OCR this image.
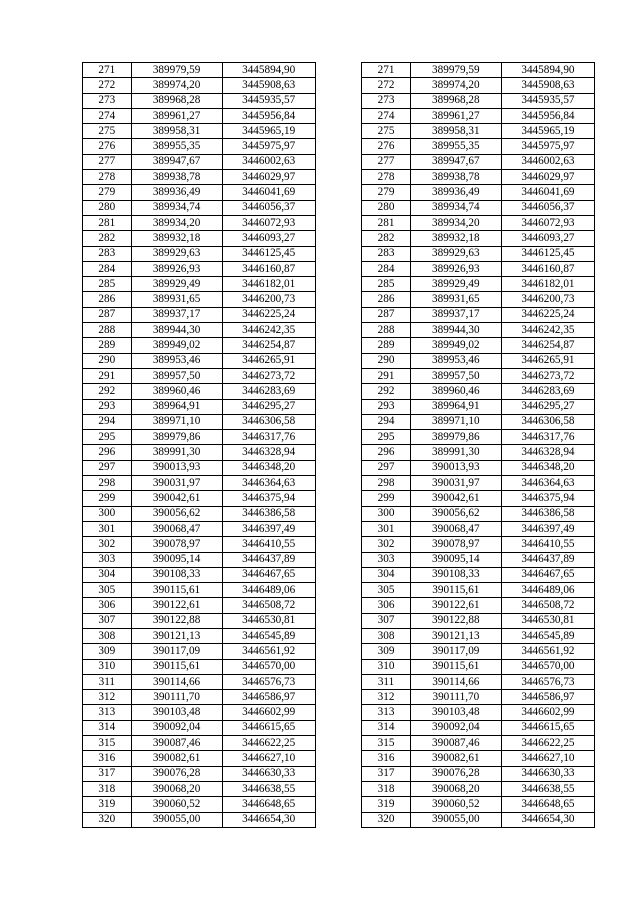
271	389979,59	3445894,90		271	389979,59	3445894,90
272	389974,20	3445908,63		272	389974,20	3445908,63
273	389968,28	3445935,57		273	389968,28	3445935,57
274	389961,27	3445956,84		274	389961,27	3445956,84
275	389958,31	3445965,19		275	389958,31	3445965,19
276	389955,35	3445975,97		276	389955,35	3445975,97
277	389947,67	3446002,63		277	389947,67	3446002,63
278	389938,78	3446029,97		278	389938,78	3446029,97
279	389936,49	3446041,69		279	389936,49	3446041,69
280	389934,74	3446056,37		280	389934,74	3446056,37
281	389934,20	3446072,93		281	389934,20	3446072,93
282	389932,18	3446093,27		282	389932,18	3446093,27
283	389929,63	3446125,45		283	389929,63	3446125,45
284	389926,93	3446160,87		284	389926,93	3446160,87
285	389929,49	3446182,01		285	389929,49	3446182,01
286	389931,65	3446200,73		286	389931,65	3446200,73
287	389937,17	3446225,24		287	389937,17	3446225,24
288	389944,30	3446242,35		288	389944,30	3446242,35
289	389949,02	3446254,87		289	389949,02	3446254,87
290	389953,46	3446265,91		290	389953,46	3446265,91
291	389957,50	3446273,72		291	389957,50	3446273,72
292	389960,46	3446283,69		292	389960,46	3446283,69
293	389964,91	3446295,27		293	389964,91	3446295,27
294	389971,10	3446306,58		294	389971,10	3446306,58
295	389979,86	3446317,76		295	389979,86	3446317,76
296	389991,30	3446328,94		296	389991,30	3446328,94
297	390013,93	3446348,20		297	390013,93	3446348,20
298	390031,97	3446364,63		298	390031,97	3446364,63
299	390042,61	3446375,94		299	390042,61	3446375,94
300	390056,62	3446386,58		300	390056,62	3446386,58
301	390068,47	3446397,49		301	390068,47	3446397,49
302	390078,97	3446410,55		302	390078,97	3446410,55
303	390095,14	3446437,89		303	390095,14	3446437,89
304	390108,33	3446467,65		304	390108,33	3446467,65
305	390115,61	3446489,06		305	390115,61	3446489,06
306	390122,61	3446508,72		306	390122,61	3446508,72
307	390122,88	3446530,81		307	390122,88	3446530,81
308	390121,13	3446545,89		308	390121,13	3446545,89
309	390117,09	3446561,92		309	390117,09	3446561,92
310	390115,61	3446570,00		310	390115,61	3446570,00
311	390114,66	3446576,73		311	390114,66	3446576,73
312	390111,70	3446586,97		312	390111,70	3446586,97
313	390103,48	3446602,99		313	390103,48	3446602,99
314	390092,04	3446615,65		314	390092,04	3446615,65
315	390087,46	3446622,25		315	390087,46	3446622,25
316	390082,61	3446627,10		316	390082,61	3446627,10
317	390076,28	3446630,33		317	390076,28	3446630,33
318	390068,20	3446638,55		318	390068,20	3446638,55
319	390060,52	3446648,65		319	390060,52	3446648,65
320	390055,00	3446654,30		320	390055,00	3446654,30
